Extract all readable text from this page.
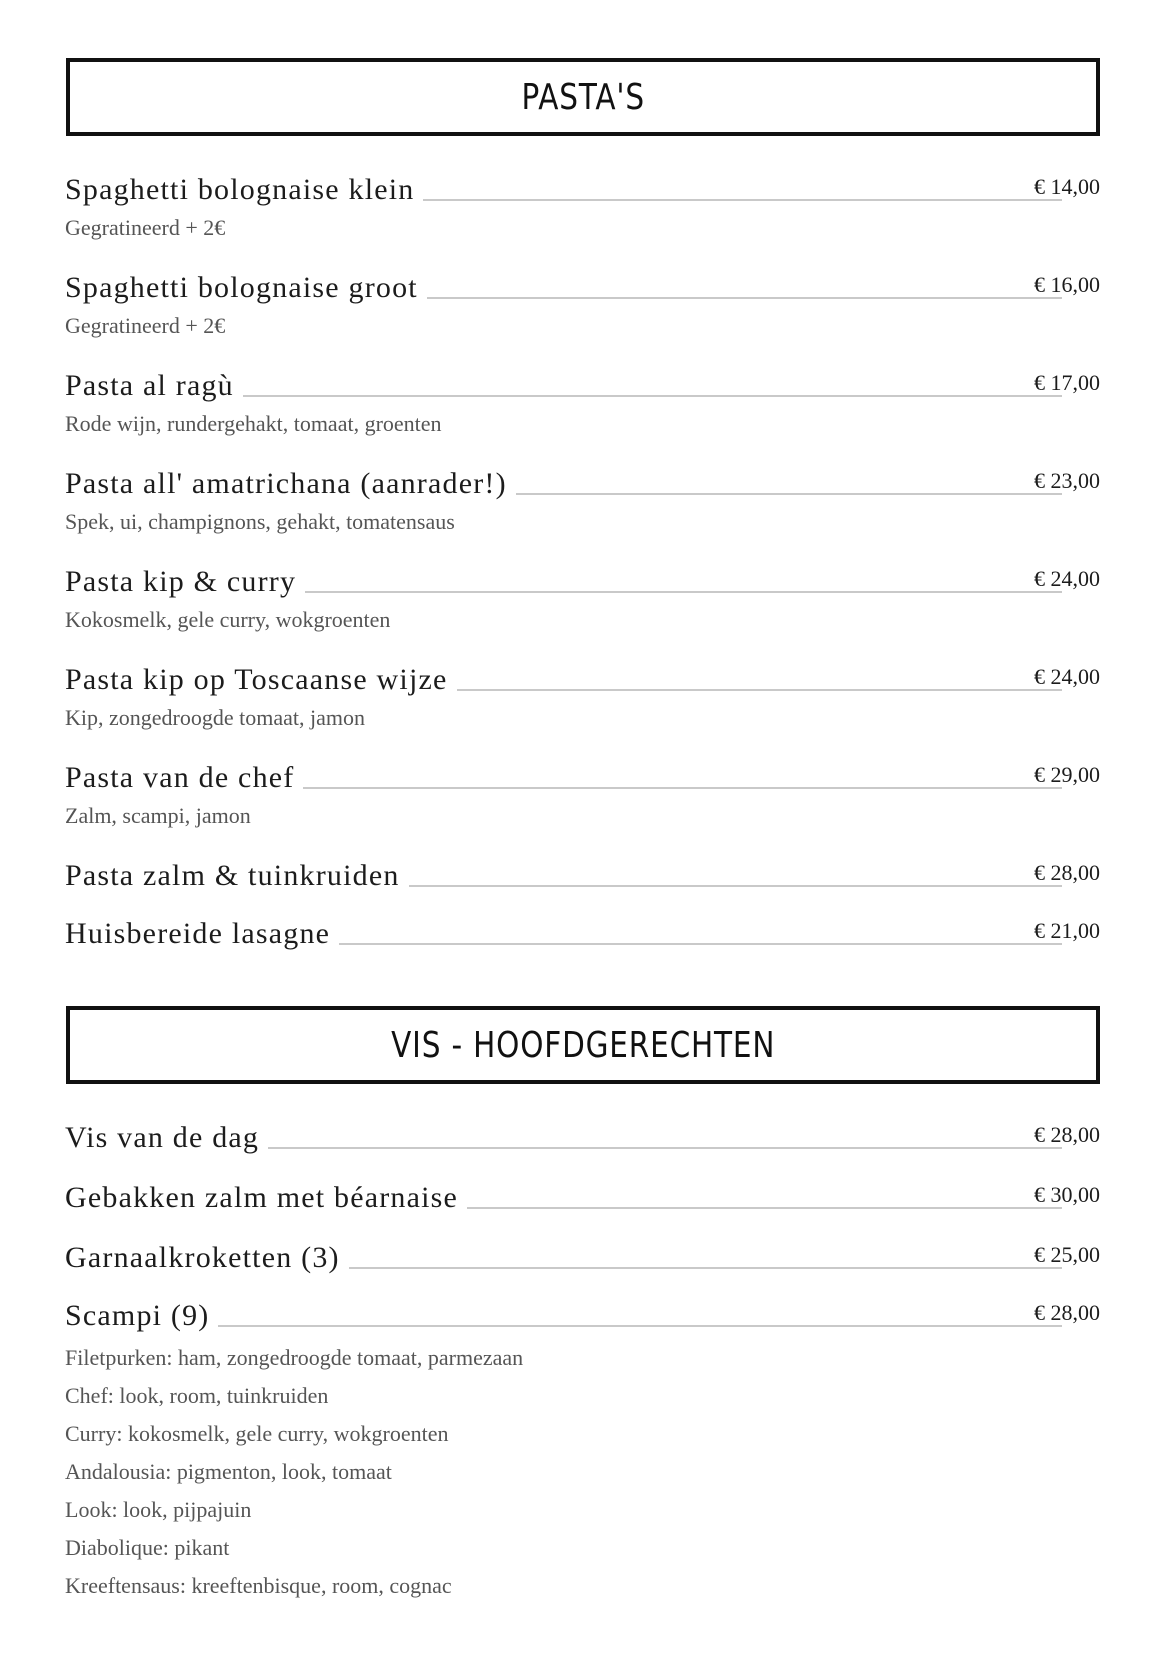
PASTA'S
Spaghetti bolognaise klein	€ 14,00
Gegratineerd + 2€
Spaghetti bolognaise groot	€ 16,00
Gegratineerd + 2€
Pasta al ragù	€ 17,00
Rode wijn, rundergehakt, tomaat, groenten
Pasta all' amatrichana (aanrader!)	€ 23,00
Spek, ui, champignons, gehakt, tomatensaus
Pasta kip & curry	€ 24,00
Kokosmelk, gele curry, wokgroenten
Pasta kip op Toscaanse wijze	€ 24,00
Kip, zongedroogde tomaat, jamon
Pasta van de chef	€ 29,00
Zalm, scampi, jamon
Pasta zalm & tuinkruiden	€ 28,00
Huisbereide lasagne	€ 21,00
VIS - HOOFDGERECHTEN
Vis van de dag	€ 28,00
Gebakken zalm met béarnaise	€ 30,00
Garnaalkroketten (3)	€ 25,00
Scampi (9)	€ 28,00
Filetpurken: ham, zongedroogde tomaat, parmezaan
Chef: look, room, tuinkruiden
Curry: kokosmelk, gele curry, wokgroenten
Andalousia: pigmenton, look, tomaat
Look: look, pijpajuin
Diabolique: pikant
Kreeftensaus: kreeftenbisque, room, cognac
